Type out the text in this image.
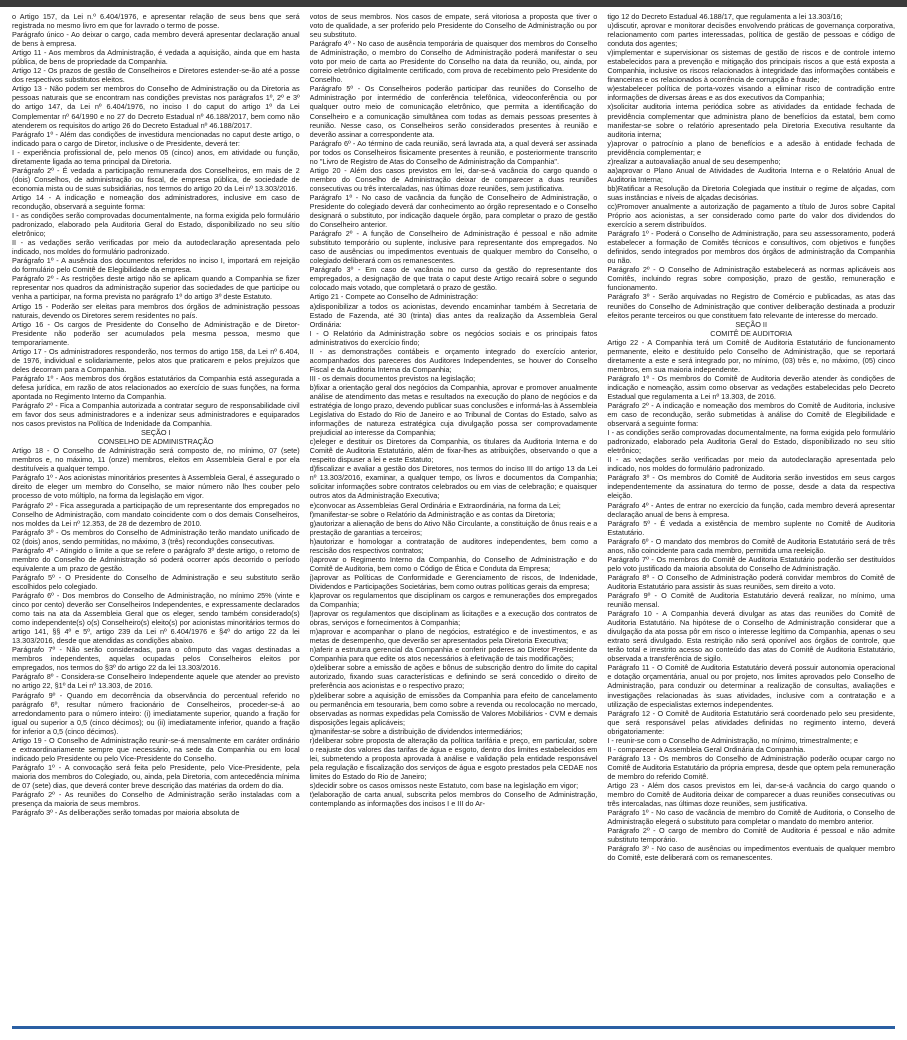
o Artigo 157, da Lei n.º 6.404/1976, e apresentar relação de seus bens que será registrada no mesmo livro em que for lavrado o termo de posse.

Parágrafo único - Ao deixar o cargo, cada membro deverá apresentar declaração anual de bens à empresa.

Artigo 11 - Aos membros da Administração, é vedada a aquisição, ainda que em hasta pública, de bens de propriedade da Companhia.

Artigo 12 - Os prazos de gestão de Conselheiros e Diretores estender-se-ão até a posse dos respectivos substitutos eleitos.

Artigo 13 - Não podem ser membros do Conselho de Administração ou da Diretoria as pessoas naturais que se encontram nas condições previstas nos parágrafos 1º, 2º e 3º do artigo 147, da Lei nº 6.404/1976, no inciso I do caput do artigo 1º da Lei Complementar nº 64/1990 e no 27 do Decreto Estadual nº 46.188/2017, bem como não atenderem os requisitos do artigo 26 do Decreto Estadual nº 46.188/2017.

Parágrafo 1º - Além das condições de investidura mencionadas no caput deste artigo, o indicado para o cargo de Diretor, inclusive o de Presidente, deverá ter:

I - experiência profissional de, pelo menos 05 (cinco) anos, em atividade ou função, diretamente ligada ao tema principal da Diretoria.

Parágrafo 2º - É vedada a participação remunerada dos Conselheiros, em mais de 2 (dois) Conselhos, de administração ou fiscal, de empresa pública, de sociedade de economia mista ou de suas subsidiárias, nos termos do artigo 20 da Lei nº 13.303/2016.

Artigo 14 - A indicação e nomeação dos administradores, inclusive em caso de recondução, observará a seguinte forma:

I - as condições serão comprovadas documentalmente, na forma exigida pelo formulário padronizado, elaborado pela Auditoria Geral do Estado, disponibilizado no seu sítio eletrônico;

II - as vedações serão verificadas por meio da autodeclaração apresentada pelo indicado, nos moldes do formulário padronizado.

Parágrafo 1º - A ausência dos documentos referidos no inciso I, importará em rejeição do formulário pelo Comitê de Elegibilidade da empresa.

Parágrafo 2º - As restrições deste artigo não se aplicam quando a Companhia se fizer representar nos quadros da administração superior das sociedades de que participe ou venha a participar, na forma prevista no parágrafo 1º do artigo 3º deste Estatuto.

Artigo 15 - Poderão ser eleitas para membros dos órgãos de administração pessoas naturais, devendo os Diretores serem residentes no país.

Artigo 16 - Os cargos de Presidente do Conselho de Administração e de Diretor-Presidente não poderão ser acumulados pela mesma pessoa, mesmo que temporariamente.

Artigo 17 - Os administradores responderão, nos termos do artigo 158, da Lei nº 6.404, de 1976, individual e solidariamente, pelos atos que praticarem e pelos prejuízos que deles decorram para a Companhia.

Parágrafo 1º - Aos membros dos órgãos estatutários da Companhia está assegurada a defesa jurídica, em razão de atos relacionados ao exercício de suas funções, na forma apontada no Regimento Interno da Companhia.

Parágrafo 2º - Fica a Companhia autorizada a contratar seguro de responsabilidade civil em favor dos seus administradores e a indenizar seus administradores e equiparados nos casos previstos na Política de Indenidade da Companhia.

SEÇÃO I

CONSELHO DE ADMINISTRAÇÃO

Artigo 18 - O Conselho de Administração será composto de, no mínimo, 07 (sete) membros e, no máximo, 11 (onze) membros, eleitos em Assembleia Geral e por ela destituíveis a qualquer tempo.

Parágrafo 1º - Aos acionistas minoritários presentes à Assembleia Geral, é assegurado o direito de eleger um membro do Conselho, se maior número não lhes couber pelo processo de voto múltiplo, na forma da legislação em vigor.

Parágrafo 2º - Fica assegurada a participação de um representante dos empregados no Conselho de Administração, com mandato coincidente com o dos demais Conselheiros, nos moldes da Lei nº 12.353, de 28 de dezembro de 2010.

Parágrafo 3º - Os membros do Conselho de Administração terão mandato unificado de 02 (dois) anos, sendo permitidas, no máximo, 3 (três) reconduções consecutivas.

Parágrafo 4º - Atingido o limite a que se refere o parágrafo 3º deste artigo, o retorno de membro do Conselho de Administração só poderá ocorrer após decorrido o período equivalente a um prazo de gestão.

Parágrafo 5º - O Presidente do Conselho de Administração e seu substituto serão escolhidos pelo colegiado.

Parágrafo 6º - Dos membros do Conselho de Administração, no mínimo 25% (vinte e cinco por cento) deverão ser Conselheiros Independentes, e expressamente declarados como tais na ata da Assembleia Geral que os eleger, sendo também considerado(s) como independente(s) o(s) Conselheiro(s) eleito(s) por acionistas minoritários termos do artigo 141, §§ 4º e 5º, artigo 239 da Lei nº 6.404/1976 e §4º do artigo 22 da lei 13.303/2016, desde que atendidas as condições abaixo.

Parágrafo 7º - Não serão consideradas, para o cômputo das vagas destinadas a membros independentes, aquelas ocupadas pelos Conselheiros eleitos por empregados, nos termos do §3º do artigo 22 da lei 13.303/2016.

Parágrafo 8º - Considera-se Conselheiro Independente aquele que atender ao previsto no artigo 22, §1º da Lei nº 13.303, de 2016.

Parágrafo 9º - Quando em decorrência da observância do percentual referido no parágrafo 6º, resultar número fracionário de Conselheiros, proceder-se-á ao arredondamento para o número inteiro: (i) imediatamente superior, quando a fração for igual ou superior a 0,5 (cinco décimos); ou (ii) imediatamente inferior, quando a fração for inferior a 0,5 (cinco décimos).

Artigo 19 - O Conselho de Administração reunir-se-á mensalmente em caráter ordinário e extraordinariamente sempre que necessário, na sede da Companhia ou em local indicado pelo Presidente ou pelo Vice-Presidente do Conselho.

Parágrafo 1º - A convocação será feita pelo Presidente, pelo Vice-Presidente, pela maioria dos membros do Colegiado, ou, ainda, pela Diretoria, com antecedência mínima de 07 (sete) dias, que deverá conter breve descrição das matérias da ordem do dia.

Parágrafo 2º - As reuniões do Conselho de Administração serão instaladas com a presença da maioria de seus membros.

Parágrafo 3º - As deliberações serão tomadas por maioria absoluta de

votos de seus membros. Nos casos de empate, será vitoriosa a proposta que tiver o voto de qualidade, a ser proferido pelo Presidente do Conselho de Administração ou por seu substituto.

Parágrafo 4º - No caso de ausência temporária de quaisquer dos membros do Conselho de Administração, o membro do Conselho de Administração poderá manifestar o seu voto por meio de carta ao Presidente do Conselho na data da reunião, ou, ainda, por correio eletrônico digitalmente certificado, com prova de recebimento pelo Presidente do Conselho.

Parágrafo 5º - Os Conselheiros poderão participar das reuniões do Conselho de Administração por intermédio de conferência telefônica, videoconferência ou por qualquer outro meio de comunicação eletrônico, que permita a identificação do Conselheiro e a comunicação simultânea com todas as demais pessoas presentes à reunião. Nesse caso, os Conselheiros serão considerados presentes à reunião e deverão assinar a correspondente ata.

Parágrafo 6º - Ao término de cada reunião, será lavrada ata, a qual deverá ser assinada por todos os Conselheiros fisicamente presentes à reunião, e posteriormente transcrito no "Livro de Registro de Atas do Conselho de Administração da Companhia".

Artigo 20 - Além dos casos previstos em lei, dar-se-á vacância do cargo quando o membro do Conselho de Administração deixar de comparecer a duas reuniões consecutivas ou três intercaladas, nas últimas doze reuniões, sem justificativa.

Parágrafo 1º - No caso de vacância da função de Conselheiro de Administração, o Presidente do colegiado deverá dar conhecimento ao órgão representado e o Conselho designará o substituto, por indicação daquele órgão, para completar o prazo de gestão do Conselheiro anterior.

Parágrafo 2º - A função de Conselheiro de Administração é pessoal e não admite substituto temporário ou suplente, inclusive para representante dos empregados. No caso de ausências ou impedimentos eventuais de qualquer membro do Conselho, o colegiado deliberará com os remanescentes.

Parágrafo 3º - Em caso de vacância no curso da gestão do representante dos empregados, a designação de que trata o caput deste Artigo recairá sobre o segundo colocado mais votado, que completará o prazo de gestão.

Artigo 21 - Compete ao Conselho de Administração:

a)disponibilizar a todos os acionistas, devendo encaminhar também à Secretaria de Estado de Fazenda, até 30 (trinta) dias antes da realização da Assembleia Geral Ordinária:

I - O Relatório da Administração sobre os negócios sociais e os principais fatos administrativos do exercício findo;

II - as demonstrações contábeis e orçamento integrado do exercício anterior, acompanhados dos pareceres dos Auditores Independentes, se houver do Conselho Fiscal e da Auditoria Interna da Companhia;

III - os demais documentos previstos na legislação;

b)fixar a orientação geral dos negócios da Companhia, aprovar e promover anualmente análise de atendimento das metas e resultados na execução do plano de negócios e da estratégia de longo prazo, devendo publicar suas conclusões e informá-las à Assembleia Legislativa do Estado do Rio de Janeiro e ao Tribunal de Contas do Estado, salvo as informações de natureza estratégica cuja divulgação possa ser comprovadamente prejudicial ao interesse da Companhia;

c)eleger e destituir os Diretores da Companhia, os titulares da Auditoria Interna e do Comitê de Auditoria Estatutário, além de fixar-lhes as atribuições, observando o que a respeito dispuser a lei e este Estatuto;

d)fiscalizar e avaliar a gestão dos Diretores, nos termos do inciso III do artigo 13 da Lei nº 13.303/2016, examinar, a qualquer tempo, os livros e documentos da Companhia; solicitar informações sobre contratos celebrados ou em vias de celebração; e quaisquer outros atos da Administração Executiva;

e)convocar as Assembleias Geral Ordinária e Extraordinária, na forma da Lei;

f)manifestar-se sobre o Relatório da Administração e as contas da Diretoria;

g)autorizar a alienação de bens do Ativo Não Circulante, a constituição de ônus reais e a prestação de garantias a terceiros;

h)autorizar e homologar a contratação de auditores independentes, bem como a rescisão dos respectivos contratos;

i)aprovar o Regimento Interno da Companhia, do Conselho de Administração e do Comitê de Auditoria, bem como o Código de Ética e Conduta da Empresa;

j)aprovar as Políticas de Conformidade e Gerenciamento de riscos, de Indenidade, Dividendos e Participações Societárias, bem como outras políticas gerais da empresa;

k)aprovar os regulamentos que disciplinam os cargos e remunerações dos empregados da Companhia;

l)aprovar os regulamentos que disciplinam as licitações e a execução dos contratos de obras, serviços e fornecimentos à Companhia;

m)aprovar e acompanhar o plano de negócios, estratégico e de investimentos, e as metas de desempenho, que deverão ser apresentados pela Diretoria Executiva;

n)aferir a estrutura gerencial da Companhia e conferir poderes ao Diretor Presidente da Companhia para que edite os atos necessários à efetivação de tais modificações;

o)deliberar sobre a emissão de ações e bônus de subscrição dentro do limite do capital autorizado, fixando suas características e definindo se será concedido o direito de preferência aos acionistas e o respectivo prazo;

p)deliberar sobre a aquisição de emissões da Companhia para efeito de cancelamento ou permanência em tesouraria, bem como sobre a revenda ou recolocação no mercado, observadas as normas expedidas pela Comissão de Valores Mobiliários - CVM e demais disposições legais aplicáveis;

q)manifestar-se sobre a distribuição de dividendos intermediários;

r)deliberar sobre proposta de alteração da política tarifária e preço, em particular, sobre o reajuste dos valores das tarifas de água e esgoto, dentro dos limites estabelecidos em lei, submetendo a proposta aprovada à análise e validação pela entidade responsável pela regulação e fiscalização dos serviços de água e esgoto prestados pela CEDAE nos limites do Estado do Rio de Janeiro;

s)decidir sobre os casos omissos neste Estatuto, com base na legislação em vigor;

t)elaboração de carta anual, subscrita pelos membros do Conselho de Administração, contemplando as informações dos incisos I e III do Ar-

tigo 12 do Decreto Estadual 46.188/17, que regulamenta a lei 13.303/16;

u)discutir, aprovar e monitorar decisões envolvendo práticas de governança corporativa, relacionamento com partes interessadas, política de gestão de pessoas e código de conduta dos agentes;

v)implementar e supervisionar os sistemas de gestão de riscos e de controle interno estabelecidos para a prevenção e mitigação dos principais riscos a que está exposta a Companhia, inclusive os riscos relacionados à integridade das informações contábeis e financeiras e os relacionados à ocorrência de corrupção e fraude;

w)estabelecer política de porta-vozes visando a eliminar risco de contradição entre informações de diversas áreas e as dos executivos da Companhia;

x)solicitar auditoria interna periódica sobre as atividades da entidade fechada de previdência complementar que administra plano de benefícios da estatal, bem como manifestar-se sobre o relatório apresentado pela Diretoria Executiva resultante da auditoria interna;

y)aprovar o patrocínio a plano de benefícios e a adesão à entidade fechada de previdência complementar; e

z)realizar a autoavaliação anual de seu desempenho;

aa)aprovar o Plano Anual de Atividades de Auditoria Interna e o Relatório Anual de Auditoria Interna;

bb)Ratificar a Resolução da Diretoria Colegiada que instituir o regime de alçadas, com suas instâncias e níveis de alçadas decisórias.

cc)Promover anualmente a autorização de pagamento a título de Juros sobre Capital Próprio aos acionistas, a ser considerado como parte do valor dos dividendos do exercício a serem distribuídos.

Parágrafo 1º - Poderá o Conselho de Administração, para seu assessoramento, poderá estabelecer a formação de Comitês técnicos e consultivos, com objetivos e funções definidos, sendo integrados por membros dos órgãos de administração da Companhia ou não.

Parágrafo 2º - O Conselho de Administração estabelecerá as normas aplicáveis aos Comitês, incluindo regras sobre composição, prazo de gestão, remuneração e funcionamento.

Parágrafo 3º - Serão arquivadas no Registro de Comércio e publicadas, as atas das reuniões do Conselho de Administração que contiver deliberação destinada a produzir efeitos perante terceiros ou que constituem fato relevante de interesse do mercado.

SEÇÃO II

COMITÊ DE AUDITORIA

Artigo 22 - A Companhia terá um Comitê de Auditoria Estatutário de funcionamento permanente, eleito e destituído pelo Conselho de Administração, que se reportará diretamente a este e será integrado por, no mínimo, (03) três e, no máximo, (05) cinco membros, em sua maioria independente.

Parágrafo 1º - Os membros do Comitê de Auditoria deverão atender às condições de indicação e nomeação, assim como observar as vedações estabelecidas pelo Decreto Estadual que regulamenta a Lei nº 13.303, de 2016.

Parágrafo 2º - A indicação e nomeação dos membros do Comitê de Auditoria, inclusive em caso de recondução, serão submetidas à análise do Comitê de Elegibilidade e observará a seguinte forma:

I - as condições serão comprovadas documentalmente, na forma exigida pelo formulário padronizado, elaborado pela Auditoria Geral do Estado, disponibilizado no seu sítio eletrônico;

II - as vedações serão verificadas por meio da autodeclaração apresentada pelo indicado, nos moldes do formulário padronizado.

Parágrafo 3º - Os membros do Comitê de Auditoria serão investidos em seus cargos independentemente da assinatura do termo de posse, desde a data da respectiva eleição.

Parágrafo 4º - Antes de entrar no exercício da função, cada membro deverá apresentar declaração anual de bens à empresa.

Parágrafo 5º - É vedada a existência de membro suplente no Comitê de Auditoria Estatutário.

Parágrafo 6º - O mandato dos membros do Comitê de Auditoria Estatutário será de três anos, não coincidente para cada membro, permitida uma reeleição.

Parágrafo 7º - Os membros do Comitê de Auditoria Estatutário poderão ser destituídos pelo voto justificado da maioria absoluta do Conselho de Administração.

Parágrafo 8º - O Conselho de Administração poderá convidar membros do Comitê de Auditoria Estatutário para assistir às suas reuniões, sem direito a voto.

Parágrafo 9º - O Comitê de Auditoria Estatutário deverá realizar, no mínimo, uma reunião mensal.

Parágrafo 10 - A Companhia deverá divulgar as atas das reuniões do Comitê de Auditoria Estatutário. Na hipótese de o Conselho de Administração considerar que a divulgação da ata possa pôr em risco o interesse legítimo da Companhia, apenas o seu extrato será divulgado. Esta restrição não será oponível aos órgãos de controle, que terão total e irrestrito acesso ao conteúdo das atas do Comitê de Auditoria Estatutário, observada a transferência de sigilo.

Parágrafo 11 - O Comitê de Auditoria Estatutário deverá possuir autonomia operacional e dotação orçamentária, anual ou por projeto, nos limites aprovados pelo Conselho de Administração, para conduzir ou determinar a realização de consultas, avaliações e investigações relacionadas às suas atividades, inclusive com a contratação e a utilização de especialistas externos independentes.

Parágrafo 12 - O Comitê de Auditoria Estatutário será coordenado pelo seu presidente, que será responsável pelas atividades definidas no regimento interno, deverá obrigatoriamente:

I - reunir-se com o Conselho de Administração, no mínimo, trimestralmente; e

II - comparecer à Assembleia Geral Ordinária da Companhia.

Parágrafo 13 - Os membros do Conselho de Administração poderão ocupar cargo no Comitê de Auditoria Estatutário da própria empresa, desde que optem pela remuneração de membro do referido Comitê.

Artigo 23 - Além dos casos previstos em lei, dar-se-á vacância do cargo quando o membro do Comitê de Auditoria deixar de comparecer a duas reuniões consecutivas ou três intercaladas, nas últimas doze reuniões, sem justificativa.

Parágrafo 1º - No caso de vacância de membro do Comitê de Auditoria, o Conselho de Administração elegerá o substituto para completar o mandato do membro anterior.

Parágrafo 2º - O cargo de membro do Comitê de Auditoria é pessoal e não admite substituto temporário.

Parágrafo 3º - No caso de ausências ou impedimentos eventuais de qualquer membro do Comitê, este deliberará com os remanescentes.
